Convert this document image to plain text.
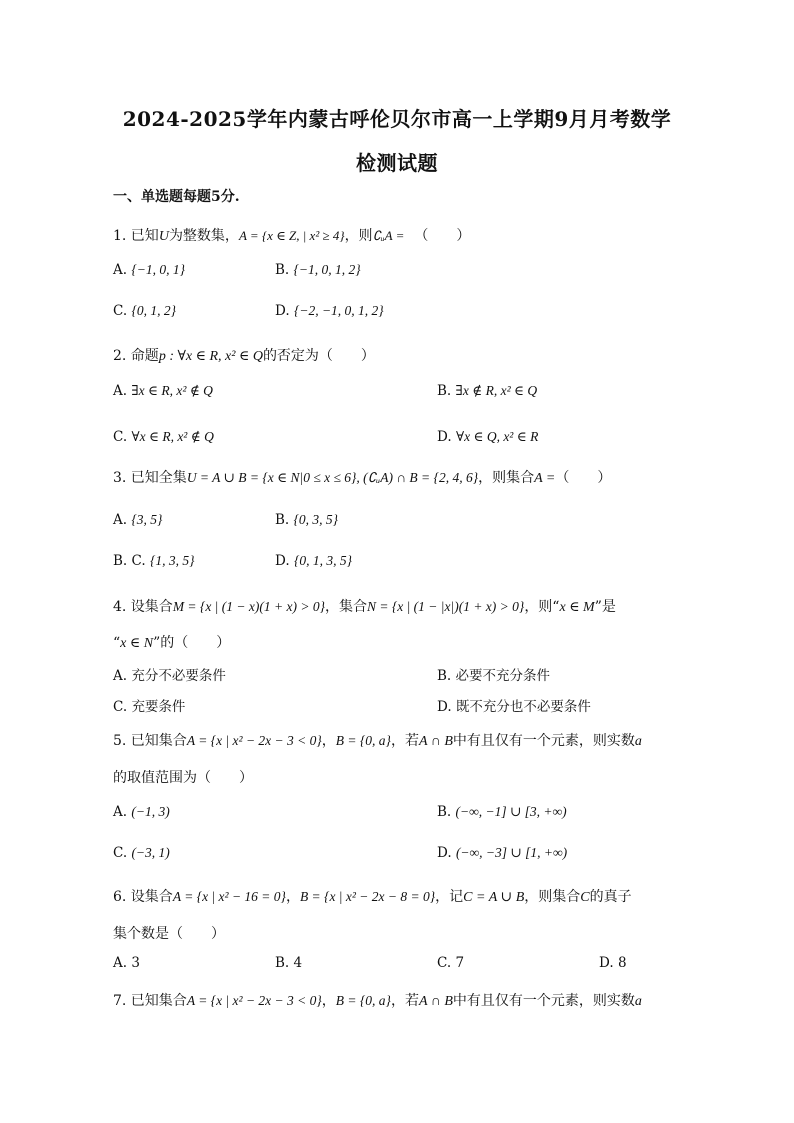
2024-2025学年内蒙古呼伦贝尔市高一上学期9月月考数学
检测试题
一、单选题每题5分.
1. 已知U为整数集，A = {x ∈ Z, | x² ≥ 4}，则∁ᵤA = （　　）
A. {−1, 0, 1}	B. {−1, 0, 1, 2}
C. {0, 1, 2}	D. {−2, −1, 0, 1, 2}
2. 命题p : ∀x ∈ R, x² ∈ Q的否定为（　　）
A. ∃x ∈ R, x² ∉ Q	B. ∃x ∉ R, x² ∈ Q
C. ∀x ∈ R, x² ∉ Q	D. ∀x ∈ Q, x² ∈ R
3. 已知全集U = A ∪ B = {x ∈ N|0 ≤ x ≤ 6}, (∁ᵤA) ∩ B = {2, 4, 6}，则集合A =（　　）
A. {3, 5}	B. {0, 3, 5}
B. C. {1, 3, 5}	D. {0, 1, 3, 5}
4. 设集合M = {x | (1 − x)(1 + x) > 0}，集合N = {x | (1 − |x|)(1 + x) > 0}，则“x ∈ M”是
“x ∈ N”的（　　）
A. 充分不必要条件	B. 必要不充分条件
C. 充要条件	D. 既不充分也不必要条件
5. 已知集合A = {x | x² − 2x − 3 < 0}，B = {0, a}，若A ∩ B中有且仅有一个元素，则实数a
的取值范围为（　　）
A. (−1, 3)	B. (−∞, −1] ∪ [3, +∞)
C. (−3, 1)	D. (−∞, −3] ∪ [1, +∞)
6. 设集合A = {x | x² − 16 = 0}，B = {x | x² − 2x − 8 = 0}，记C = A ∪ B，则集合C的真子
集个数是（　　）
A. 3	B. 4	C. 7	D. 8
7. 已知集合A = {x | x² − 2x − 3 < 0}，B = {0, a}，若A ∩ B中有且仅有一个元素，则实数a
